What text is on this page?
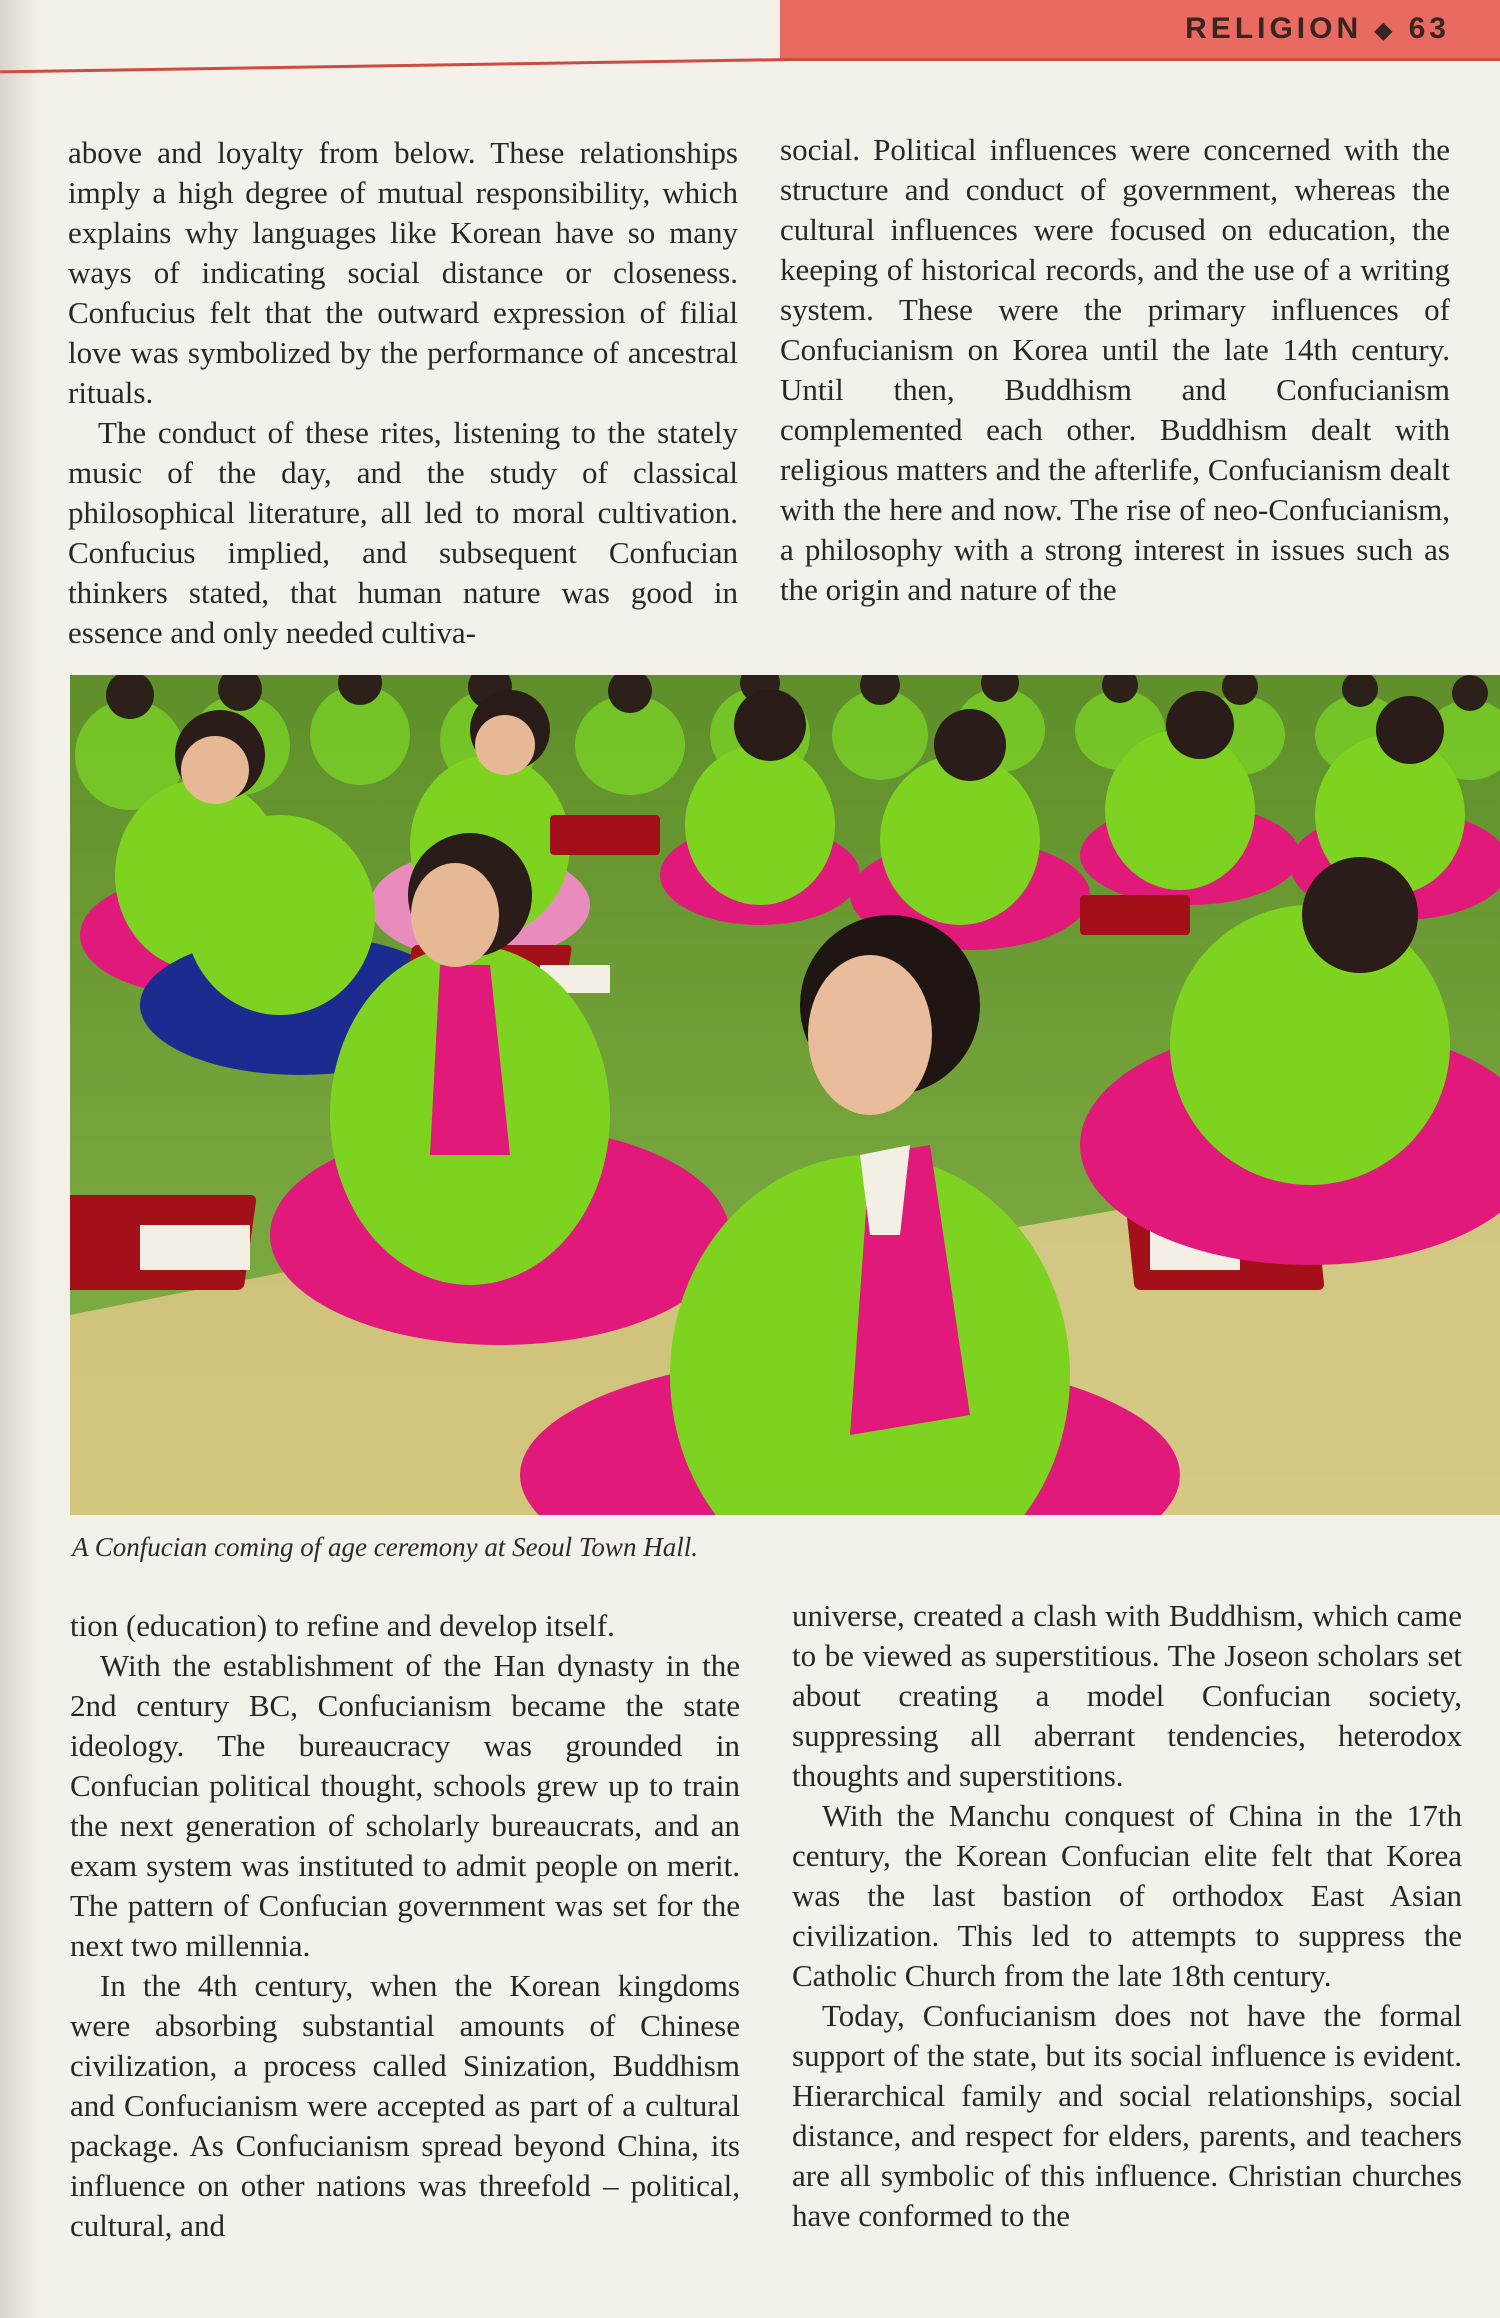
RELIGION ◆ 63

above and loyalty from below. These relationships imply a high degree of mutual responsibility, which explains why languages like Korean have so many ways of indicating social distance or closeness. Confucius felt that the outward expression of filial love was symbolized by the performance of ancestral rituals.

The conduct of these rites, listening to the stately music of the day, and the study of classical philosophical literature, all led to moral cultivation. Confucius implied, and subsequent Confucian thinkers stated, that human nature was good in essence and only needed cultiva-

social. Political influences were concerned with the structure and conduct of government, whereas the cultural influences were focused on education, the keeping of historical records, and the use of a writing system. These were the primary influences of Confucianism on Korea until the late 14th century. Until then, Buddhism and Confucianism complemented each other. Buddhism dealt with religious matters and the afterlife, Confucianism dealt with the here and now. The rise of neo-Confucianism, a philosophy with a strong interest in issues such as the origin and nature of the

A Confucian coming of age ceremony at Seoul Town Hall.

tion (education) to refine and develop itself.

With the establishment of the Han dynasty in the 2nd century BC, Confucianism became the state ideology. The bureaucracy was grounded in Confucian political thought, schools grew up to train the next generation of scholarly bureaucrats, and an exam system was instituted to admit people on merit. The pattern of Confucian government was set for the next two millennia.

In the 4th century, when the Korean kingdoms were absorbing substantial amounts of Chinese civilization, a process called Sinization, Buddhism and Confucianism were accepted as part of a cultural package. As Confucianism spread beyond China, its influence on other nations was threefold – political, cultural, and

universe, created a clash with Buddhism, which came to be viewed as superstitious. The Joseon scholars set about creating a model Confucian society, suppressing all aberrant tendencies, heterodox thoughts and superstitions.

With the Manchu conquest of China in the 17th century, the Korean Confucian elite felt that Korea was the last bastion of orthodox East Asian civilization. This led to attempts to suppress the Catholic Church from the late 18th century.

Today, Confucianism does not have the formal support of the state, but its social influence is evident. Hierarchical family and social relationships, social distance, and respect for elders, parents, and teachers are all symbolic of this influence. Christian churches have conformed to the
